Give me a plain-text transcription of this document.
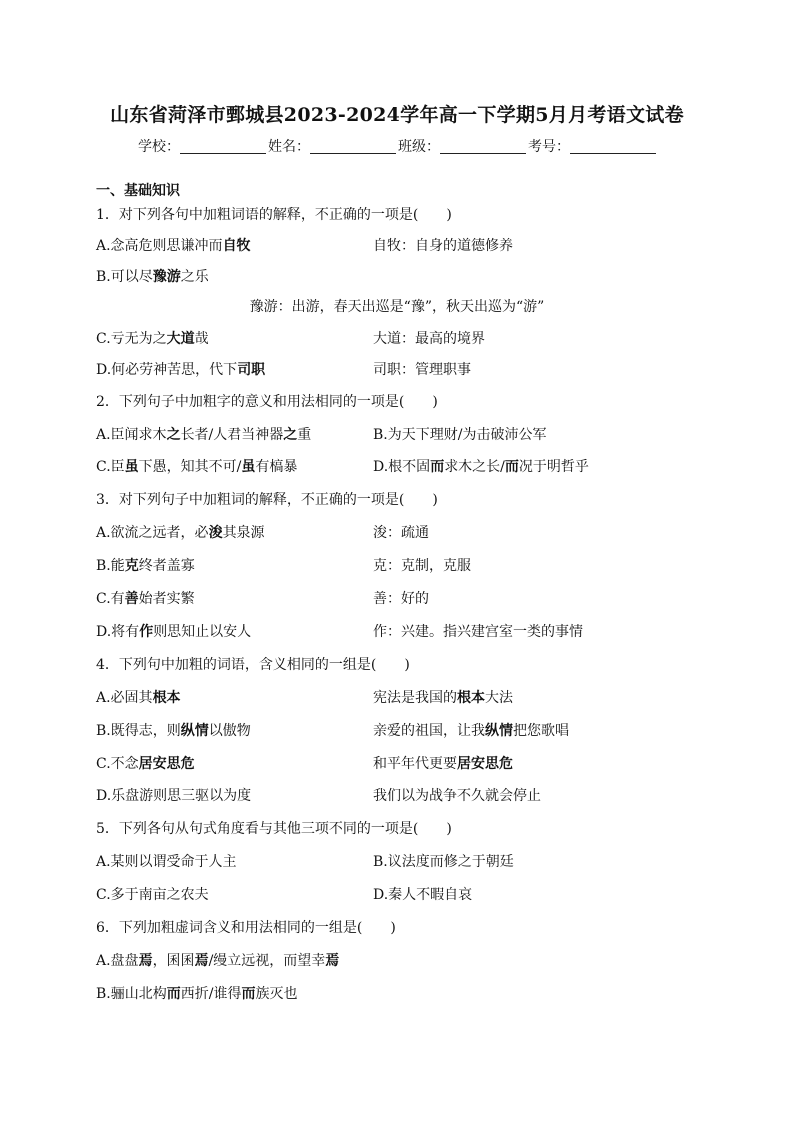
山东省菏泽市鄄城县2023-2024学年高一下学期5月月考语文试卷
学校：	姓名：	班级：	考号：
一、基础知识
1．对下列各句中加粗词语的解释，不正确的一项是(　　)
A.念高危则思谦冲而自牧	自牧：自身的道德修养
B.可以尽豫游之乐
豫游：出游，春天出巡是“豫”，秋天出巡为“游”
C.亏无为之大道哉	大道：最高的境界
D.何必劳神苦思，代下司职	司职：管理职事
2．下列句子中加粗字的意义和用法相同的一项是(　　)
A.臣闻求木之长者/人君当神器之重	B.为天下理财/为击破沛公军
C.臣虽下愚，知其不可/虽有槁暴	D.根不固而求木之长/而况于明哲乎
3．对下列句子中加粗词的解释，不正确的一项是(　　)
A.欲流之远者，必浚其泉源	浚：疏通
B.能克终者盖寡	克：克制，克服
C.有善始者实繁	善：好的
D.将有作则思知止以安人	作：兴建。指兴建宫室一类的事情
4．下列句中加粗的词语，含义相同的一组是(　　)
A.必固其根本	宪法是我国的根本大法
B.既得志，则纵情以傲物	亲爱的祖国，让我纵情把您歌唱
C.不念居安思危	和平年代更要居安思危
D.乐盘游则思三驱以为度	我们以为战争不久就会停止
5．下列各句从句式角度看与其他三项不同的一项是(　　)
A.某则以谓受命于人主	B.议法度而修之于朝廷
C.多于南亩之农夫	D.秦人不暇自哀
6．下列加粗虚词含义和用法相同的一组是(　　)
A.盘盘焉，囷囷焉/缦立远视，而望幸焉
B.骊山北构而西折/谁得而族灭也
